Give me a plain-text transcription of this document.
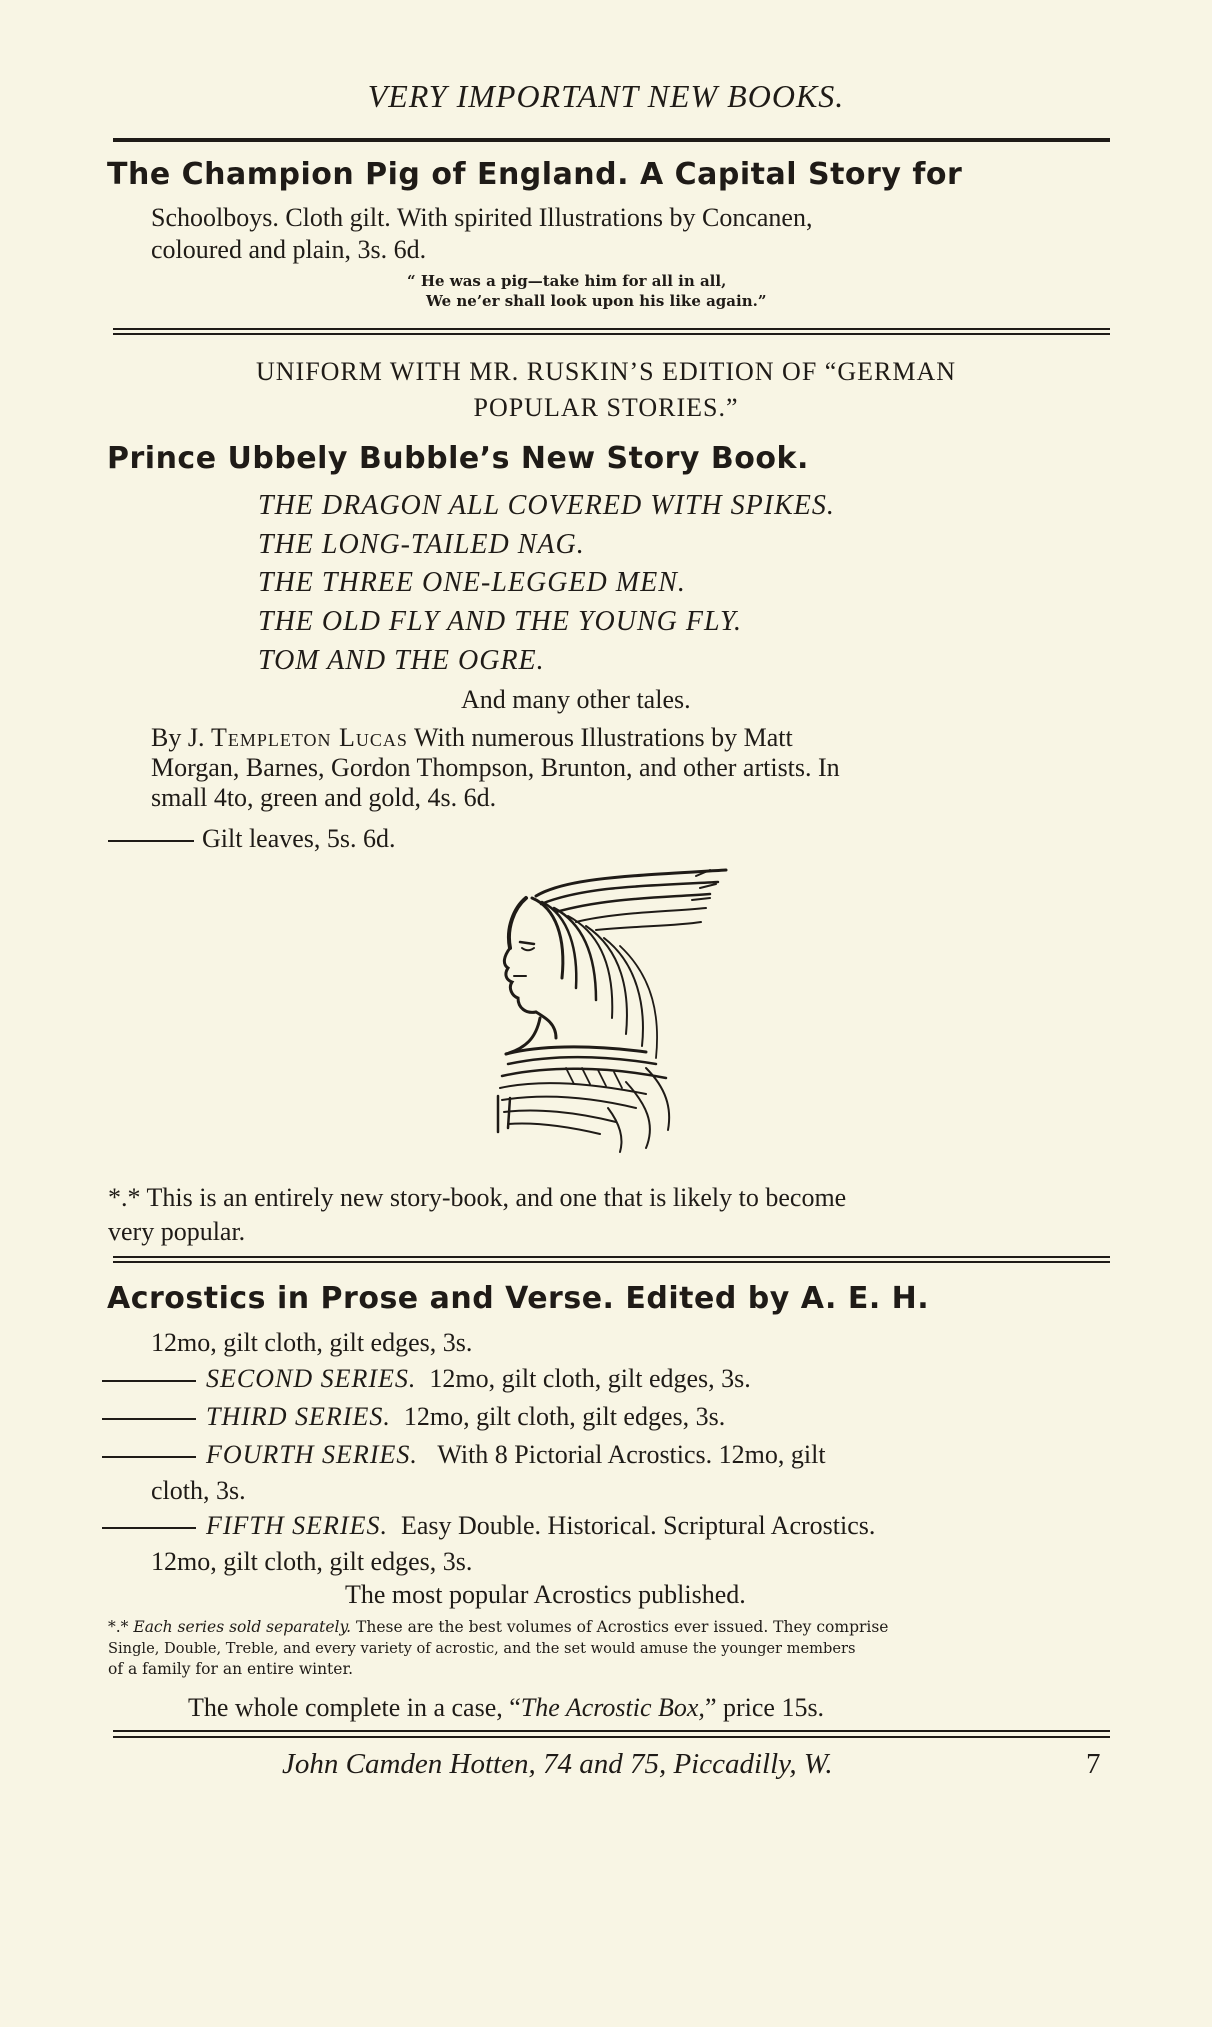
VERY IMPORTANT NEW BOOKS.
The Champion Pig of England. A Capital Story for
Schoolboys. Cloth gilt. With spirited Illustrations by Concanen,
coloured and plain, 3s. 6d.
“ He was a pig—take him for all in all,
We ne’er shall look upon his like again.”
UNIFORM WITH MR. RUSKIN’S EDITION OF “GERMAN
POPULAR STORIES.”
Prince Ubbely Bubble’s New Story Book.
THE DRAGON ALL COVERED WITH SPIKES.
THE LONG-TAILED NAG.
THE THREE ONE-LEGGED MEN.
THE OLD FLY AND THE YOUNG FLY.
TOM AND THE OGRE.
And many other tales.
By J. Templeton Lucas With numerous Illustrations by Matt
Morgan, Barnes, Gordon Thompson, Brunton, and other artists. In
small 4to, green and gold, 4s. 6d.
Gilt leaves, 5s. 6d.
*.* This is an entirely new story-book, and one that is likely to become
very popular.
Acrostics in Prose and Verse. Edited by A. E. H.
12mo, gilt cloth, gilt edges, 3s.
SECOND SERIES. 12mo, gilt cloth, gilt edges, 3s.
THIRD SERIES. 12mo, gilt cloth, gilt edges, 3s.
FOURTH SERIES. With 8 Pictorial Acrostics. 12mo, gilt
cloth, 3s.
FIFTH SERIES. Easy Double. Historical. Scriptural Acrostics.
12mo, gilt cloth, gilt edges, 3s.
The most popular Acrostics published.
*.* Each series sold separately. These are the best volumes of Acrostics ever issued. They comprise
Single, Double, Treble, and every variety of acrostic, and the set would amuse the younger members
of a family for an entire winter.
The whole complete in a case, “The Acrostic Box,” price 15s.
John Camden Hotten, 74 and 75, Piccadilly, W.	7
